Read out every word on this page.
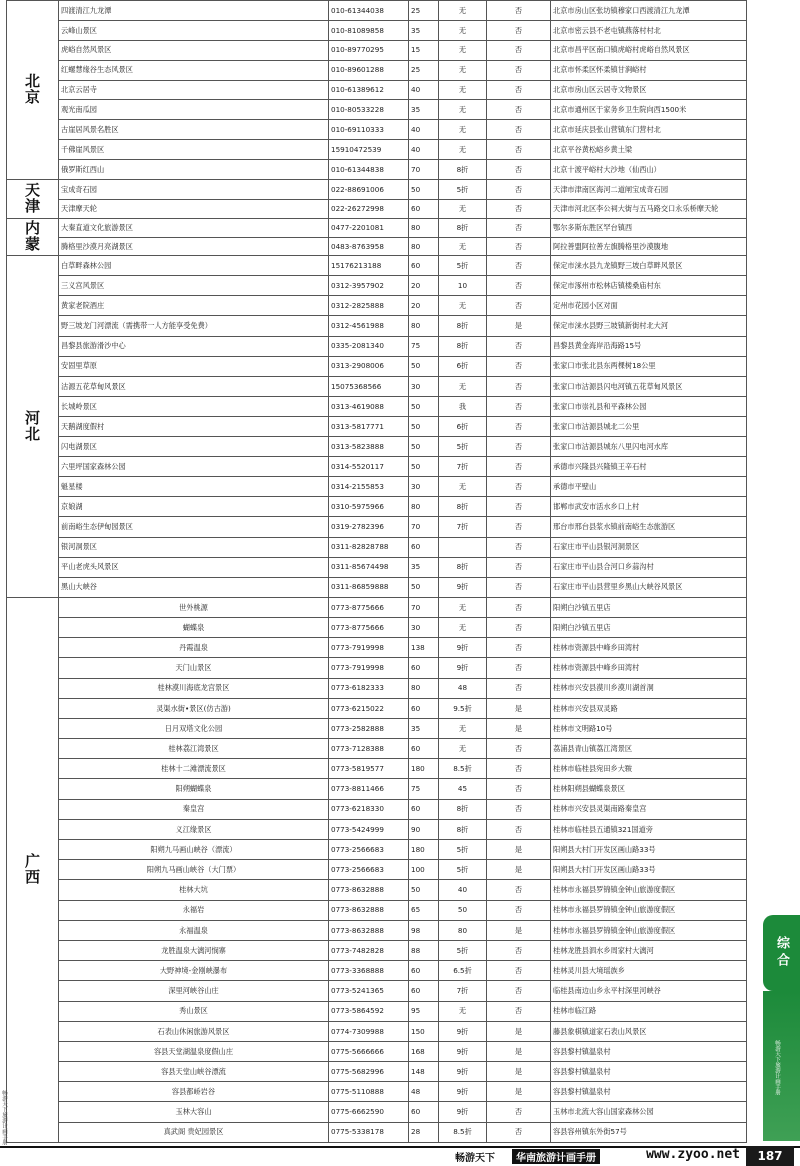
北
京	四渡清江九龙潭	010-61344038	25	无	否	北京市房山区张坊镇穆家口西渡清江九龙潭
	云峰山景区	010-81089858	35	无	否	北京市密云县不老屯镇燕落村村北
	虎峪自然风景区	010-89770295	15	无	否	北京市昌平区南口镇虎峪村虎峪自然风景区
	红螺慧缘谷生态风景区	010-89601288	25	无	否	北京市怀柔区怀柔镇甘涧峪村
	北京云居寺	010-61389612	40	无	否	北京市房山区云居寺文物景区
	观光南瓜园	010-80533228	35	无	否	北京市通州区于家务乡卫生院向西1500米
	古崖居风景名胜区	010-69110333	40	无	否	北京市延庆县张山营镇东门营村北
	千佛崖风景区	15910472539	40	无	否	北京平谷黄松峪乡黄土梁
	俄罗斯红西山	010-61344838	70	8折	否	北京十渡平峪村大沙地（仙西山）

天
津	宝成奇石园	022-88691006	50	5折	否	天津市津南区海河二道闸宝成奇石园
	天津摩天轮	022-26272998	60	无	否	天津市河北区李公祠大街与五马路交口永乐桥摩天轮

内
蒙	大秦直道文化旅游景区	0477-2201081	80	8折	否	鄂尔多斯东胜区罕台镇西
	腾格里沙漠月亮湖景区	0483-8763958	80	无	否	阿拉善盟阿拉善左旗腾格里沙漠腹地

河
北	白草畔森林公园	15176213188	60	5折	否	保定市涞水县九龙镇野三坡白草畔风景区
	三义宫风景区	0312-3957902	20	10	否	保定市涿州市松林店镇楼桑庙村东
	黄家老院酒庄	0312-2825888	20	无	否	定州市花园小区对面
	野三坡龙门河漂流（需携带一人方能享受免费）	0312-4561988	80	8折	是	保定市涞水县野三坡镇新街村北大河
	昌黎县旅游滑沙中心	0335-2081340	75	8折	否	昌黎县黄金海岸沿海路15号
	安固里草原	0313-2908006	50	6折	否	张家口市张北县东两棵树18公里
	沽源五花草甸风景区	15075368566	30	无	否	张家口市沽源县闪电河镇五花草甸风景区
	长城岭景区	0313-4619088	50	我	否	张家口市崇礼县和平森林公园
	天鹅湖度假村	0313-5817771	50	6折	否	张家口市沽源县城北二公里
	闪电湖景区	0313-5823888	50	5折	否	张家口市沽源县城东八里闪电河水库
	六里坪国家森林公园	0314-5520117	50	7折	否	承德市兴隆县兴隆镇王辛石村
	魁星楼	0314-2155853	30	无	否	承德市平壁山
	京娘湖	0310-5975966	80	8折	否	邯郸市武安市活水乡口上村
	前南峪生态伊甸园景区	0319-2782396	70	7折	否	邢台市邢台县浆水镇前南峪生态旅游区
	银河洞景区	0311-82828788	60		否	石家庄市平山县银河洞景区
	平山老虎头风景区	0311-85674498	35	8折	否	石家庄市平山县合河口乡蒜沟村
	黑山大峡谷	0311-86859888	50	9折	否	石家庄市平山县营里乡黑山大峡谷风景区

广
西	世外桃源	0773-8775666	70	无	否	阳朔白沙镇五里店
	蝴蝶泉	0773-8775666	30	无	否	阳朔白沙镇五里店
	丹霞温泉	0773-7919998	138	9折	否	桂林市资源县中峰乡田湾村
	天门山景区	0773-7919998	60	9折	否	桂林市资源县中峰乡田湾村
	桂林漠川海底龙宫景区	0773-6182333	80	48	否	桂林市兴安县漠川乡漠川湖首洞
	灵渠水街•景区(仿古游)	0773-6215022	60	9.5折	是	桂林市兴安县双灵路
	日月双塔文化公园	0773-2582888	35	无	是	桂林市文明路10号
	桂林荔江湾景区	0773-7128388	60	无	否	荔浦县青山镇荔江湾景区
	桂林十二滩漂流景区	0773-5819577	180	8.5折	否	桂林市临桂县宛田乡大皲
	阳朔蝴蝶泉	0773-8811466	75	45	否	桂林阳朔县蝴蝶泉景区
	秦皇宫	0773-6218330	60	8折	否	桂林市兴安县灵渠南路秦皇宫
	义江缘景区	0773-5424999	90	8折	否	桂林市临桂县五通镇321国道旁
	阳朔九马画山峡谷（漂流）	0773-2566683	180	5折	是	阳朔县大村门开发区画山路33号
	阳朔九马画山峡谷（大门票）	0773-2566683	100	5折	是	阳朔县大村门开发区画山路33号
	桂林大坑	0773-8632888	50	40	否	桂林市永福县罗锦镇金钟山旅游度假区
	永福岩	0773-8632888	65	50	否	桂林市永福县罗锦镇金钟山旅游度假区
	永福温泉	0773-8632888	98	80	是	桂林市永福县罗锦镇金钟山旅游度假区
	龙胜温泉大漓河悯寨	0773-7482828	88	5折	否	桂林龙胜县泗水乡周家村大漓河
	大野神境-金刚峡瀑布	0773-3368888	60	6.5折	否	桂林灵川县大境瑶族乡
	深里河峡谷山庄	0773-5241365	60	7折	否	临桂县南边山乡永平村深里河峡谷
	秀山景区	0773-5864592	95	无	否	桂林市临江路
	石表山休闲旅游风景区	0774-7309988	150	9折	是	藤县象棋镇道家石表山风景区
	容县天堂湖温泉度假山庄	0775-5666666	168	9折	是	容县黎村镇温泉村
	容县天堂山峡谷漂流	0775-5682996	148	9折	是	容县黎村镇温泉村
	容县都峤岩谷	0775-5110888	48	9折	是	容县黎村镇温泉村
	玉林大容山	0775-6662590	60	9折	否	玉林市北流大容山国家森林公园
	真武阁 贵妃园景区	0775-5338178	28	8.5折	否	容县容州镇东外街57号
畅游天下	华南旅游计画手册	www.zyoo.net	187
综合
畅游天下旅游计画手册
畅游天下旅游计画手册
